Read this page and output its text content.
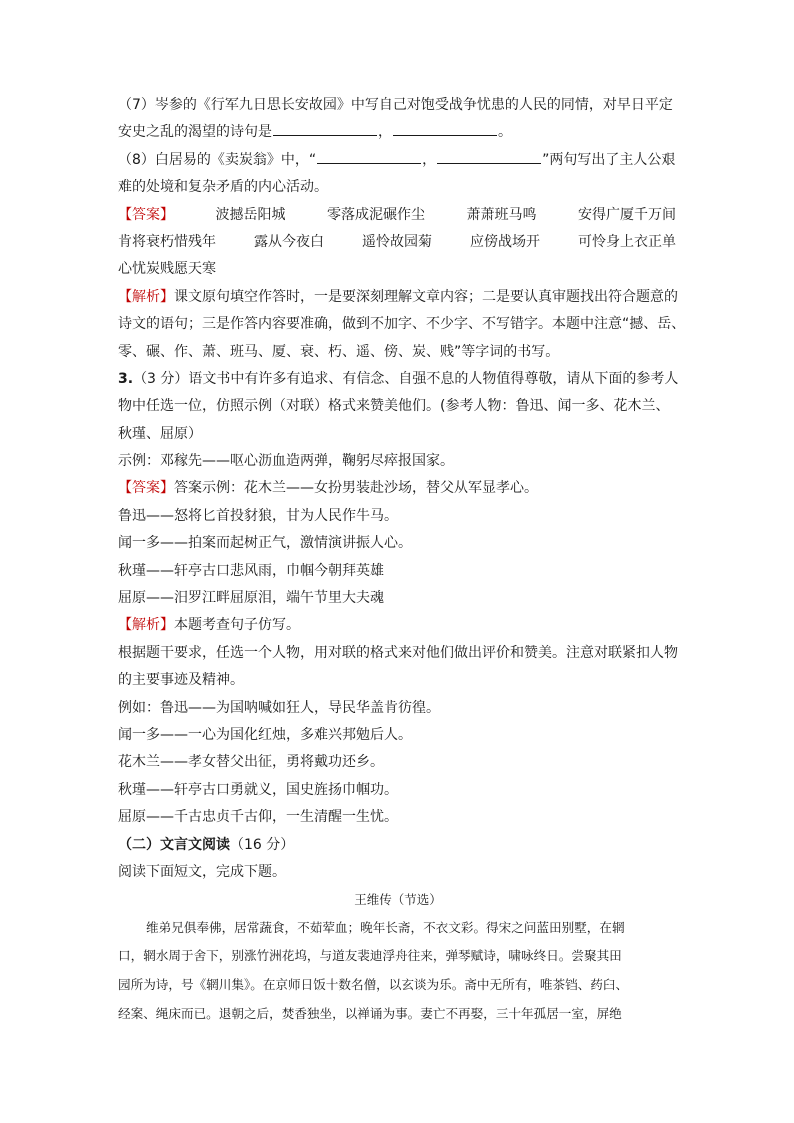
（7）岑参的《行军九日思长安故园》中写自己对饱受战争忧患的人民的同情，对早日平定
安史之乱的渴望的诗句是	，	。
（8）白居易的《卖炭翁》中，“	，	”两句写出了主人公艰
难的处境和复杂矛盾的内心活动。
【答案】	波撼岳阳城	零落成泥碾作尘	萧萧班马鸣	安得广厦千万间
肯将衰朽惜残年	露从今夜白	遥怜故园菊	应傍战场开	可怜身上衣正单
心忧炭贱愿天寒
【解析】课文原句填空作答时，一是要深刻理解文章内容；二是要认真审题找出符合题意的
诗文的语句；三是作答内容要准确，做到不加字、不少字、不写错字。本题中注意“撼、岳、
零、碾、作、萧、班马、厦、衰、朽、遥、傍、炭、贱”等字词的书写。
3.（3 分）语文书中有许多有追求、有信念、自强不息的人物值得尊敬，请从下面的参考人
物中任选一位，仿照示例（对联）格式来赞美他们。(参考人物：鲁迅、闻一多、花木兰、
秋瑾、屈原）
示例：邓稼先——呕心沥血造两弹，鞠躬尽瘁报国家。
【答案】答案示例：花木兰——女扮男装赴沙场，替父从军显孝心。
鲁迅——怒将匕首投豺狼，甘为人民作牛马。
闻一多——拍案而起树正气，激情演讲振人心。
秋瑾——轩亭古口悲风雨，巾帼今朝拜英雄
屈原——汨罗江畔屈原泪，端午节里大夫魂
【解析】本题考查句子仿写。
根据题干要求，任选一个人物，用对联的格式来对他们做出评价和赞美。注意对联紧扣人物
的主要事迹及精神。
例如：鲁迅——为国呐喊如狂人，导民华盖肯彷徨。
闻一多——一心为国化红烛，多难兴邦勉后人。
花木兰——孝女替父出征，勇将戴功还乡。
秋瑾——轩亭古口勇就义，国史旌扬巾帼功。
屈原——千古忠贞千古仰，一生清醒一生忧。
（二）文言文阅读（16 分）
阅读下面短文，完成下题。
王维传（节选）
维弟兄俱奉佛，居常蔬食，不茹荤血；晚年长斋，不衣文彩。得宋之问蓝田别墅，在辋
口，辋水周于舍下，别涨竹洲花坞，与道友裴迪浮舟往来，弹琴赋诗，啸咏终日。尝聚其田
园所为诗，号《辋川集》。在京师日饭十数名僧，以玄谈为乐。斋中无所有，唯茶铛、药臼、
经案、绳床而已。退朝之后，焚香独坐，以禅诵为事。妻亡不再娶，三十年孤居一室，屏绝
